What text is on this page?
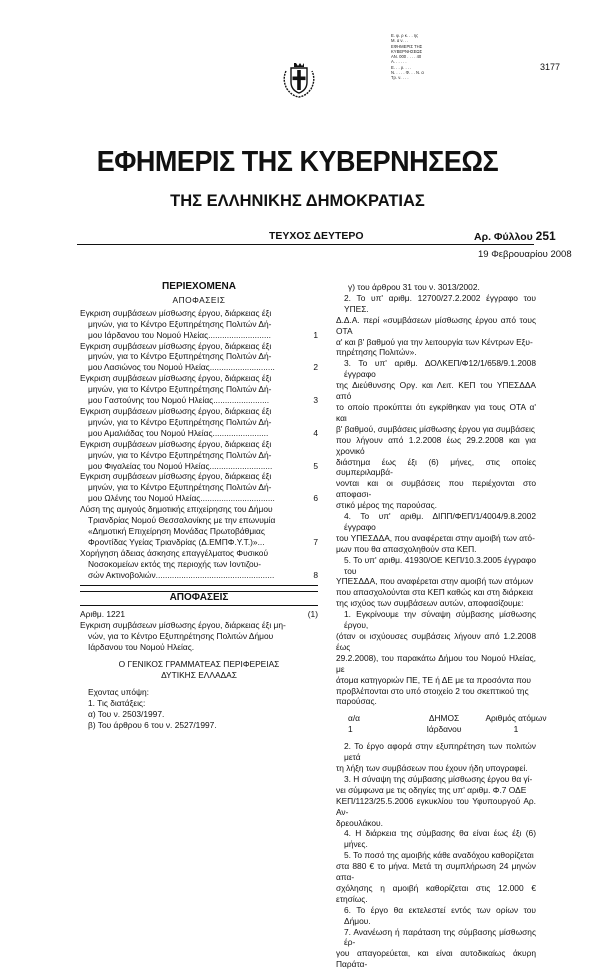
Ε. φ. ρ κ. . . ης
Μ. α ν. . .
ΕΦΗΜΕΡΙΣ ΤΗΣ
ΚΥΒΕΡΝΗΣΕΩΣ
ΑΝ. 000 . . . . 40
Α. . . . . .
Ε. . . ρ. . . .
Ν. . . . . Φ. . . Ν. α
Τρ. ν. . . .
3177
ΕΦΗΜΕΡΙΣ ΤΗΣ ΚΥΒΕΡΝΗΣΕΩΣ
ΤΗΣ ΕΛΛΗΝΙΚΗΣ ΔΗΜΟΚΡΑΤΙΑΣ
ΤΕΥΧΟΣ ΔΕΥΤΕΡΟ	Αρ. Φύλλου 251
19 Φεβρουαρίου 2008
ΠΕΡΙΕΧΟΜΕΝΑ
ΑΠΟΦΑΣΕΙΣ
Εγκριση συμβάσεων μίσθωσης έργου, διάρκειας έξι
μηνών, για το Κέντρο Εξυπηρέτησης Πολιτών Δή-
μου Ιάρδανου του Νομού Ηλείας...........................	1
Εγκριση συμβάσεων μίσθωσης έργου, διάρκειας έξι
μηνών, για το Κέντρο Εξυπηρέτησης Πολιτών Δή-
μου Λασιώνος του Νομού Ηλείας............................	2
Εγκριση συμβάσεων μίσθωσης έργου, διάρκειας έξι
μηνών, για το Κέντρο Εξυπηρέτησης Πολιτών Δή-
μου Γαστούνης του Νομού Ηλείας........................	3
Εγκριση συμβάσεων μίσθωσης έργου, διάρκειας έξι
μηνών, για το Κέντρο Εξυπηρέτησης Πολιτών Δή-
μου Αμαλιάδας του Νομού Ηλείας........................	4
Εγκριση συμβάσεων μίσθωσης έργου, διάρκειας έξι
μηνών, για το Κέντρο Εξυπηρέτησης Πολιτών Δή-
μου Φιγαλείας του Νομού Ηλείας...........................	5
Εγκριση συμβάσεων μίσθωσης έργου, διάρκειας έξι
μηνών, για το Κέντρο Εξυπηρέτησης Πολιτών Δή-
μου Ωλένης του Νομού Ηλείας................................	6
Λύση της αμιγούς δημοτικής επιχείρησης του Δήμου
Τριανδρίας Νομού Θεσσαλονίκης με την επωνυμία
«Δημοτική Επιχείρηση Μονάδας Πρωτοβάθμιας
Φροντίδας Υγείας Τριανδρίας (Δ.ΕΜΠΦ.Υ.Τ.)»...	7
Χορήγηση άδειας άσκησης επαγγέλματος Φυσικού
Νοσοκομείων εκτός της περιοχής των Ιοντιζου-
σών Ακτινοβολιών...................................................	8
ΑΠΟΦΑΣΕΙΣ
Αριθμ. 1221	(1)
Εγκριση συμβάσεων μίσθωσης έργου, διάρκειας έξι μη-
νών, για το Κέντρο Εξυπηρέτησης Πολιτών Δήμου
Ιάρδανου του Νομού Ηλείας.
Ο ΓΕΝΙΚΟΣ ΓΡΑΜΜΑΤΕΑΣ ΠΕΡΙΦΕΡΕΙΑΣ
ΔΥΤΙΚΗΣ ΕΛΛΑΔΑΣ
Εχοντας υπόψη:
1. Τις διατάξεις:
α) Του ν. 2503/1997.
β) Του άρθρου 6 του ν. 2527/1997.
γ) του άρθρου 31 του ν. 3013/2002.
2. Το υπ' αριθμ. 12700/27.2.2002 έγγραφο του ΥΠΕΣ.
Δ.Δ.Α. περί «συμβάσεων μίσθωσης έργου από τους ΟΤΑ
α' και β' βαθμού για την λειτουργία των Κέντρων Εξυ-
πηρέτησης Πολιτών».
3. Το υπ' αριθμ. ΔΟΛΚΕΠ/Φ12/1/658/9.1.2008 έγγραφο
της Διεύθυνσης Οργ. και Λειτ. ΚΕΠ του ΥΠΕΣΔΔΑ από
το οποίο προκύπτει ότι εγκρίθηκαν για τους ΟΤΑ α' και
β' βαθμού, συμβάσεις μίσθωσης έργου για συμβάσεις
που λήγουν από 1.2.2008 έως 29.2.2008 και για χρονικό
διάστημα έως έξι (6) μήνες, στις οποίες συμπεριλαμβά-
νονται και οι συμβάσεις που περιέχονται στο αποφασι-
στικό μέρος της παρούσας.
4. Το υπ' αριθμ. ΔΙΠΠ/ΦΕΠ/1/4004/9.8.2002 έγγραφο
του ΥΠΕΣΔΔΑ, που αναφέρεται στην αμοιβή των ατό-
μων που θα απασχοληθούν στα ΚΕΠ.
5. Το υπ' αριθμ. 41930/ΟΕ ΚΕΠ/10.3.2005 έγγραφο του
ΥΠΕΣΔΔΑ, που αναφέρεται στην αμοιβή των ατόμων
που απασχολούνται στα ΚΕΠ καθώς και στη διάρκεια
της ισχύος των συμβάσεων αυτών, αποφασίζουμε:
1. Εγκρίνουμε την σύναψη σύμβασης μίσθωσης έργου,
(όταν οι ισχύουσες συμβάσεις λήγουν από 1.2.2008 έως
29.2.2008), του παρακάτω Δήμου του Νομού Ηλείας, με
άτομα κατηγοριών ΠΕ, ΤΕ ή ΔΕ με τα προσόντα που
προβλέπονται στο υπό στοιχείο 2 του σκεπτικού της
παρούσας.
α/α	ΔΗΜΟΣ	Αριθμός ατόμων
1	Ιάρδανου	1
2. Το έργο αφορά στην εξυπηρέτηση των πολιτών μετά
τη λήξη των συμβάσεων που έχουν ήδη υπογραφεί.
3. Η σύναψη της σύμβασης μίσθωσης έργου θα γί-
νει σύμφωνα με τις οδηγίες της υπ' αριθμ. Φ.7 ΟΔΕ
ΚΕΠ/1123/25.5.2006 εγκυκλίου του Υφυπουργού Αρ. Αν-
δρεουλάκου.
4. Η διάρκεια της σύμβασης θα είναι έως έξι (6) μήνες.
5. Το ποσό της αμοιβής κάθε αναδόχου καθορίζεται
στα 880 € το μήνα. Μετά τη συμπλήρωση 24 μηνών απα-
σχόλησης η αμοιβή καθορίζεται στις 12.000 € ετησίως.
6. Το έργο θα εκτελεστεί εντός των ορίων του Δήμου.
7. Ανανέωση ή παράταση της σύμβασης μίσθωσης έρ-
γου απαγορεύεται, και είναι αυτοδικαίως άκυρη Παράτα-
